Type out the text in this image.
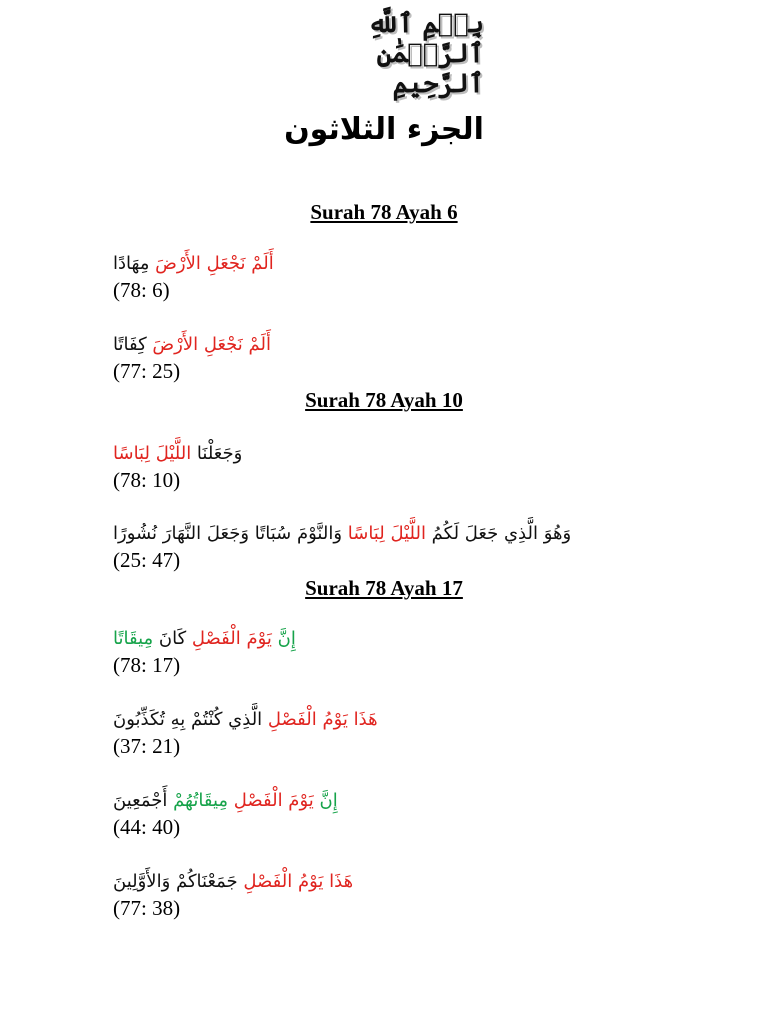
بِسۡمِ ٱللَّهِ ٱلرَّحۡمَٰنِ ٱلرَّحِيمِ
الجزء الثلاثون
Surah 78 Ayah 6
أَلَمْ نَجْعَلِ الأَرْضَ مِهَادًا
(78: 6)
أَلَمْ نَجْعَلِ الأَرْضَ كِفَاتًا
(77: 25)
Surah 78 Ayah 10
وَجَعَلْنَا اللَّيْلَ لِبَاسًا
(78: 10)
وَهُوَ الَّذِي جَعَلَ لَكُمُ اللَّيْلَ لِبَاسًا وَالنَّوْمَ سُبَاتًا وَجَعَلَ النَّهَارَ نُشُورًا
(25: 47)
Surah 78 Ayah 17
إِنَّ يَوْمَ الْفَصْلِ كَانَ مِيقَاتًا
(78: 17)
هَذَا يَوْمُ الْفَصْلِ الَّذِي كُنْتُمْ بِهِ تُكَذِّبُونَ
(37: 21)
إِنَّ يَوْمَ الْفَصْلِ مِيقَاتُهُمْ أَجْمَعِينَ
(44: 40)
هَذَا يَوْمُ الْفَصْلِ جَمَعْنَاكُمْ وَالأَوَّلِينَ
(77: 38)
